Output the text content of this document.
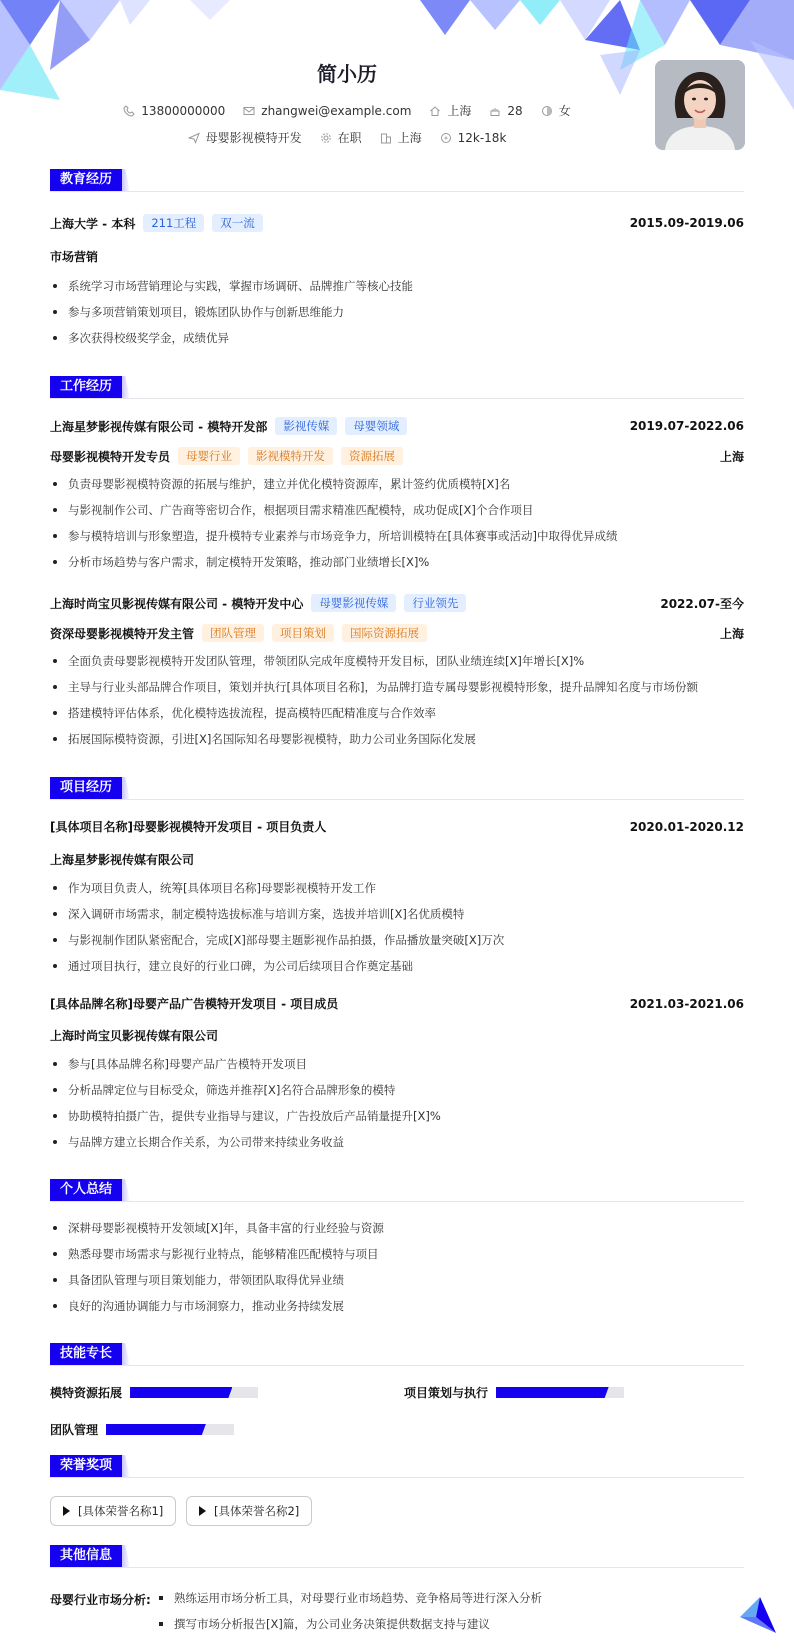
简小历
13800000000	zhangwei@example.com	上海	28	女
母婴影视模特开发	在职	上海	12k-18k
教育经历
上海大学 - 本科	211工程	双一流	2015.09-2019.06
市场营销
系统学习市场营销理论与实践，掌握市场调研、品牌推广等核心技能
参与多项营销策划项目，锻炼团队协作与创新思维能力
多次获得校级奖学金，成绩优异
工作经历
上海星梦影视传媒有限公司 - 模特开发部	影视传媒	母婴领域	2019.07-2022.06
母婴影视模特开发专员	母婴行业	影视模特开发	资源拓展	上海
负责母婴影视模特资源的拓展与维护，建立并优化模特资源库，累计签约优质模特[X]名
与影视制作公司、广告商等密切合作，根据项目需求精准匹配模特，成功促成[X]个合作项目
参与模特培训与形象塑造，提升模特专业素养与市场竞争力，所培训模特在[具体赛事或活动]中取得优异成绩
分析市场趋势与客户需求，制定模特开发策略，推动部门业绩增长[X]%
上海时尚宝贝影视传媒有限公司 - 模特开发中心	母婴影视传媒	行业领先	2022.07-至今
资深母婴影视模特开发主管	团队管理	项目策划	国际资源拓展	上海
全面负责母婴影视模特开发团队管理，带领团队完成年度模特开发目标，团队业绩连续[X]年增长[X]%
主导与行业头部品牌合作项目，策划并执行[具体项目名称]，为品牌打造专属母婴影视模特形象，提升品牌知名度与市场份额
搭建模特评估体系，优化模特选拔流程，提高模特匹配精准度与合作效率
拓展国际模特资源，引进[X]名国际知名母婴影视模特，助力公司业务国际化发展
项目经历
[具体项目名称]母婴影视模特开发项目 - 项目负责人	2020.01-2020.12
上海星梦影视传媒有限公司
作为项目负责人，统筹[具体项目名称]母婴影视模特开发工作
深入调研市场需求，制定模特选拔标准与培训方案，选拔并培训[X]名优质模特
与影视制作团队紧密配合，完成[X]部母婴主题影视作品拍摄，作品播放量突破[X]万次
通过项目执行，建立良好的行业口碑，为公司后续项目合作奠定基础
[具体品牌名称]母婴产品广告模特开发项目 - 项目成员	2021.03-2021.06
上海时尚宝贝影视传媒有限公司
参与[具体品牌名称]母婴产品广告模特开发项目
分析品牌定位与目标受众，筛选并推荐[X]名符合品牌形象的模特
协助模特拍摄广告，提供专业指导与建议，广告投放后产品销量提升[X]%
与品牌方建立长期合作关系，为公司带来持续业务收益
个人总结
深耕母婴影视模特开发领域[X]年，具备丰富的行业经验与资源
熟悉母婴市场需求与影视行业特点，能够精准匹配模特与项目
具备团队管理与项目策划能力，带领团队取得优异业绩
良好的沟通协调能力与市场洞察力，推动业务持续发展
技能专长
模特资源拓展	项目策划与执行
团队管理
荣誉奖项
[具体荣誉名称1]	[具体荣誉名称2]
其他信息
母婴行业市场分析:	熟练运用市场分析工具，对母婴行业市场趋势、竞争格局等进行深入分析
撰写市场分析报告[X]篇，为公司业务决策提供数据支持与建议
